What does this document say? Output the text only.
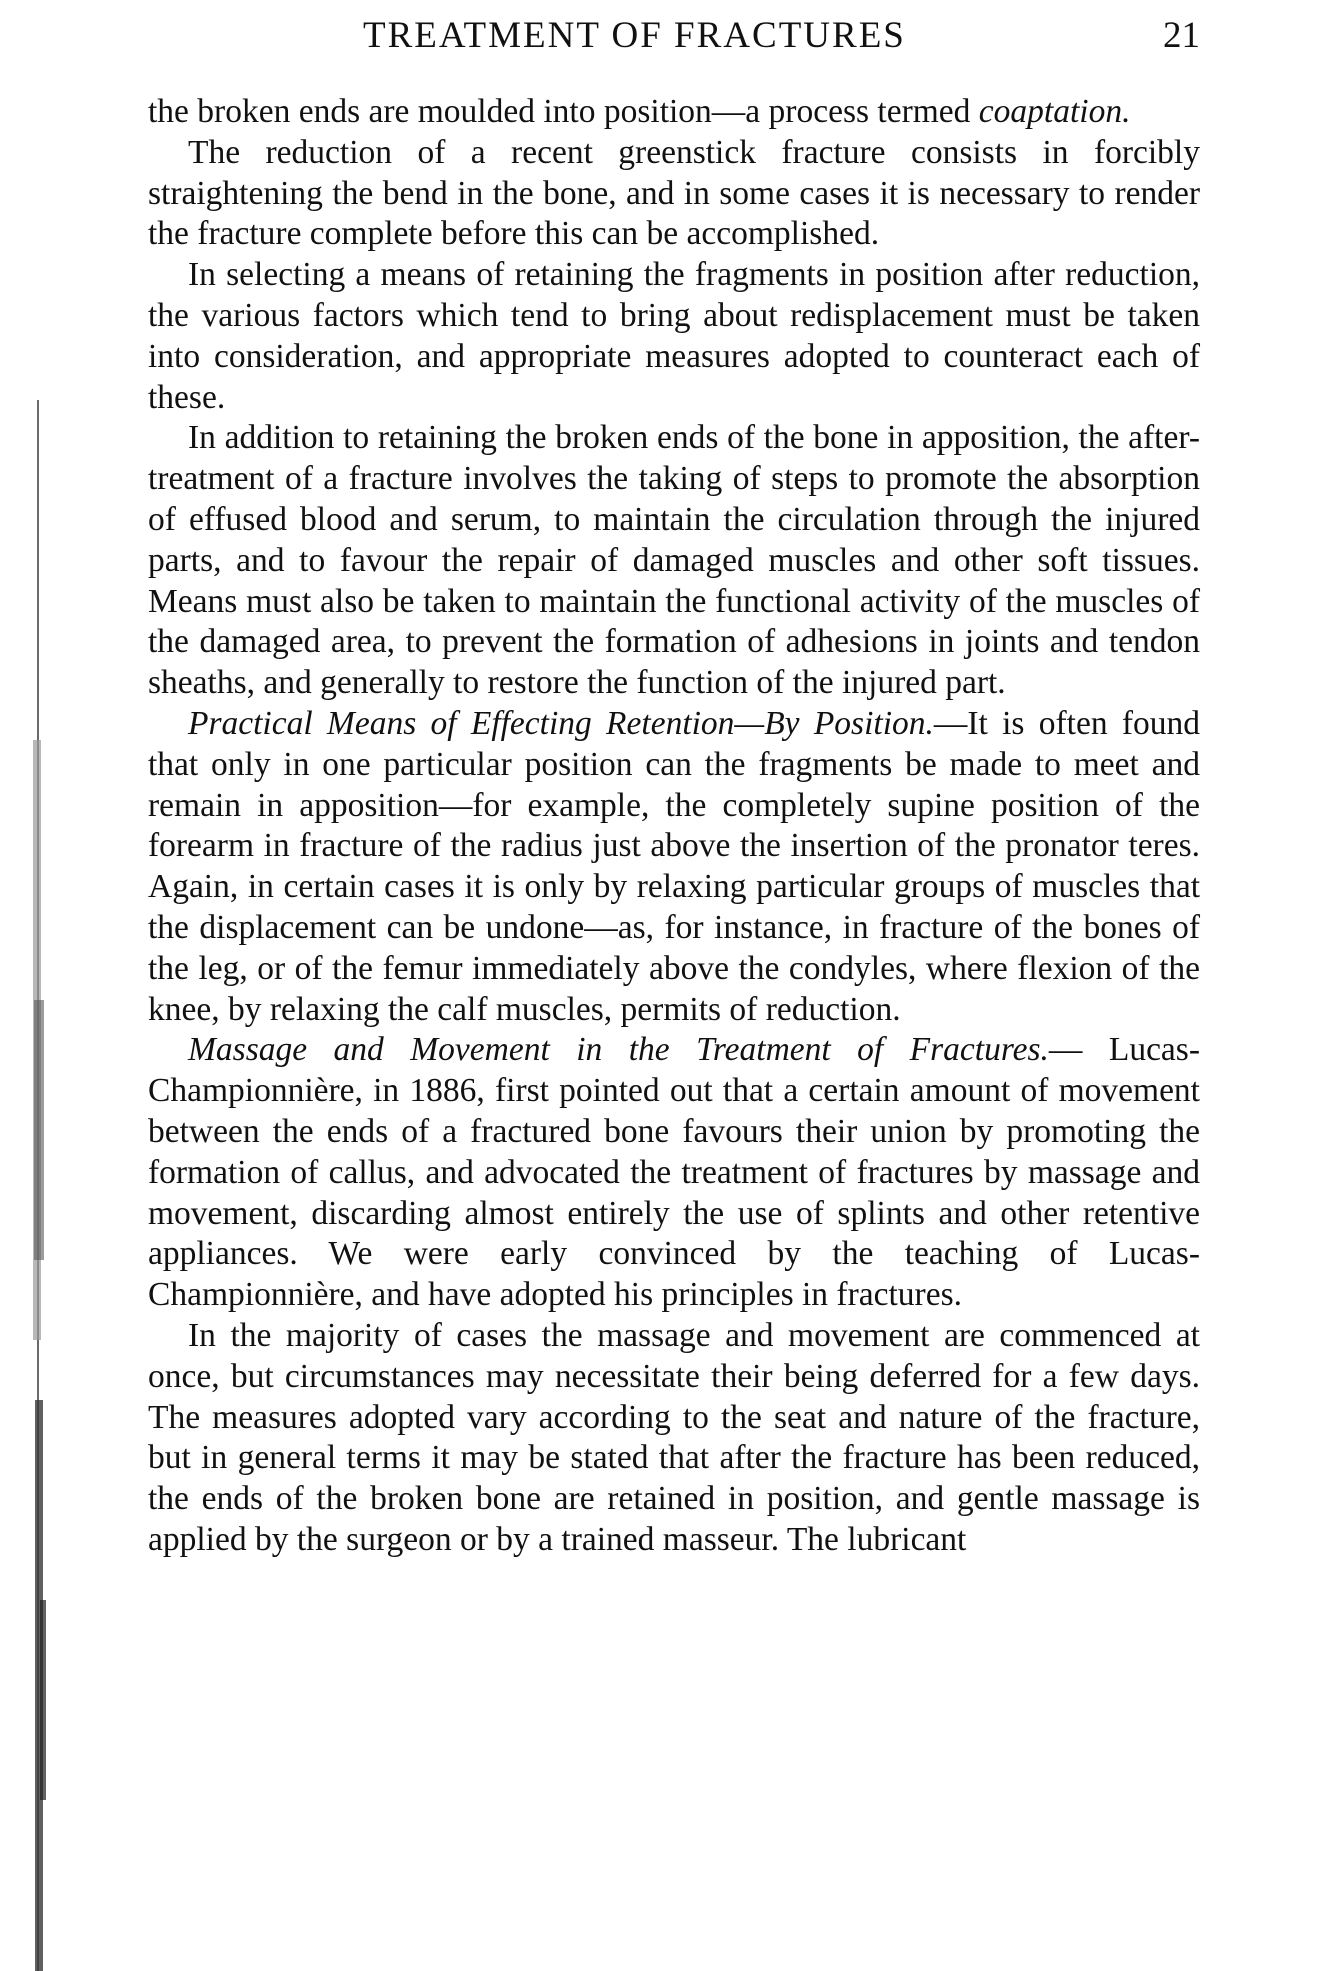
TREATMENT OF FRACTURES	21

the broken ends are moulded into position—a process termed coaptation.

The reduction of a recent greenstick fracture consists in forcibly straightening the bend in the bone, and in some cases it is necessary to render the fracture complete before this can be accomplished.

In selecting a means of retaining the fragments in position after reduction, the various factors which tend to bring about redisplacement must be taken into consideration, and appropriate measures adopted to counteract each of these.

In addition to retaining the broken ends of the bone in apposition, the after-treatment of a fracture involves the taking of steps to promote the absorption of effused blood and serum, to maintain the circulation through the injured parts, and to favour the repair of damaged muscles and other soft tissues. Means must also be taken to maintain the functional activity of the muscles of the damaged area, to prevent the formation of adhesions in joints and tendon sheaths, and generally to restore the function of the injured part.

Practical Means of Effecting Retention—By Position.—It is often found that only in one particular position can the fragments be made to meet and remain in apposition—for example, the completely supine position of the forearm in fracture of the radius just above the insertion of the pronator teres. Again, in certain cases it is only by relaxing particular groups of muscles that the displacement can be undone—as, for instance, in fracture of the bones of the leg, or of the femur immediately above the condyles, where flexion of the knee, by relaxing the calf muscles, permits of reduction.

Massage and Movement in the Treatment of Fractures.— Lucas-Championnière, in 1886, first pointed out that a certain amount of movement between the ends of a fractured bone favours their union by promoting the formation of callus, and advocated the treatment of fractures by massage and movement, discarding almost entirely the use of splints and other retentive appliances. We were early convinced by the teaching of Lucas-Championnière, and have adopted his principles in fractures.

In the majority of cases the massage and movement are commenced at once, but circumstances may necessitate their being deferred for a few days. The measures adopted vary according to the seat and nature of the fracture, but in general terms it may be stated that after the fracture has been reduced, the ends of the broken bone are retained in position, and gentle massage is applied by the surgeon or by a trained masseur. The lubricant
